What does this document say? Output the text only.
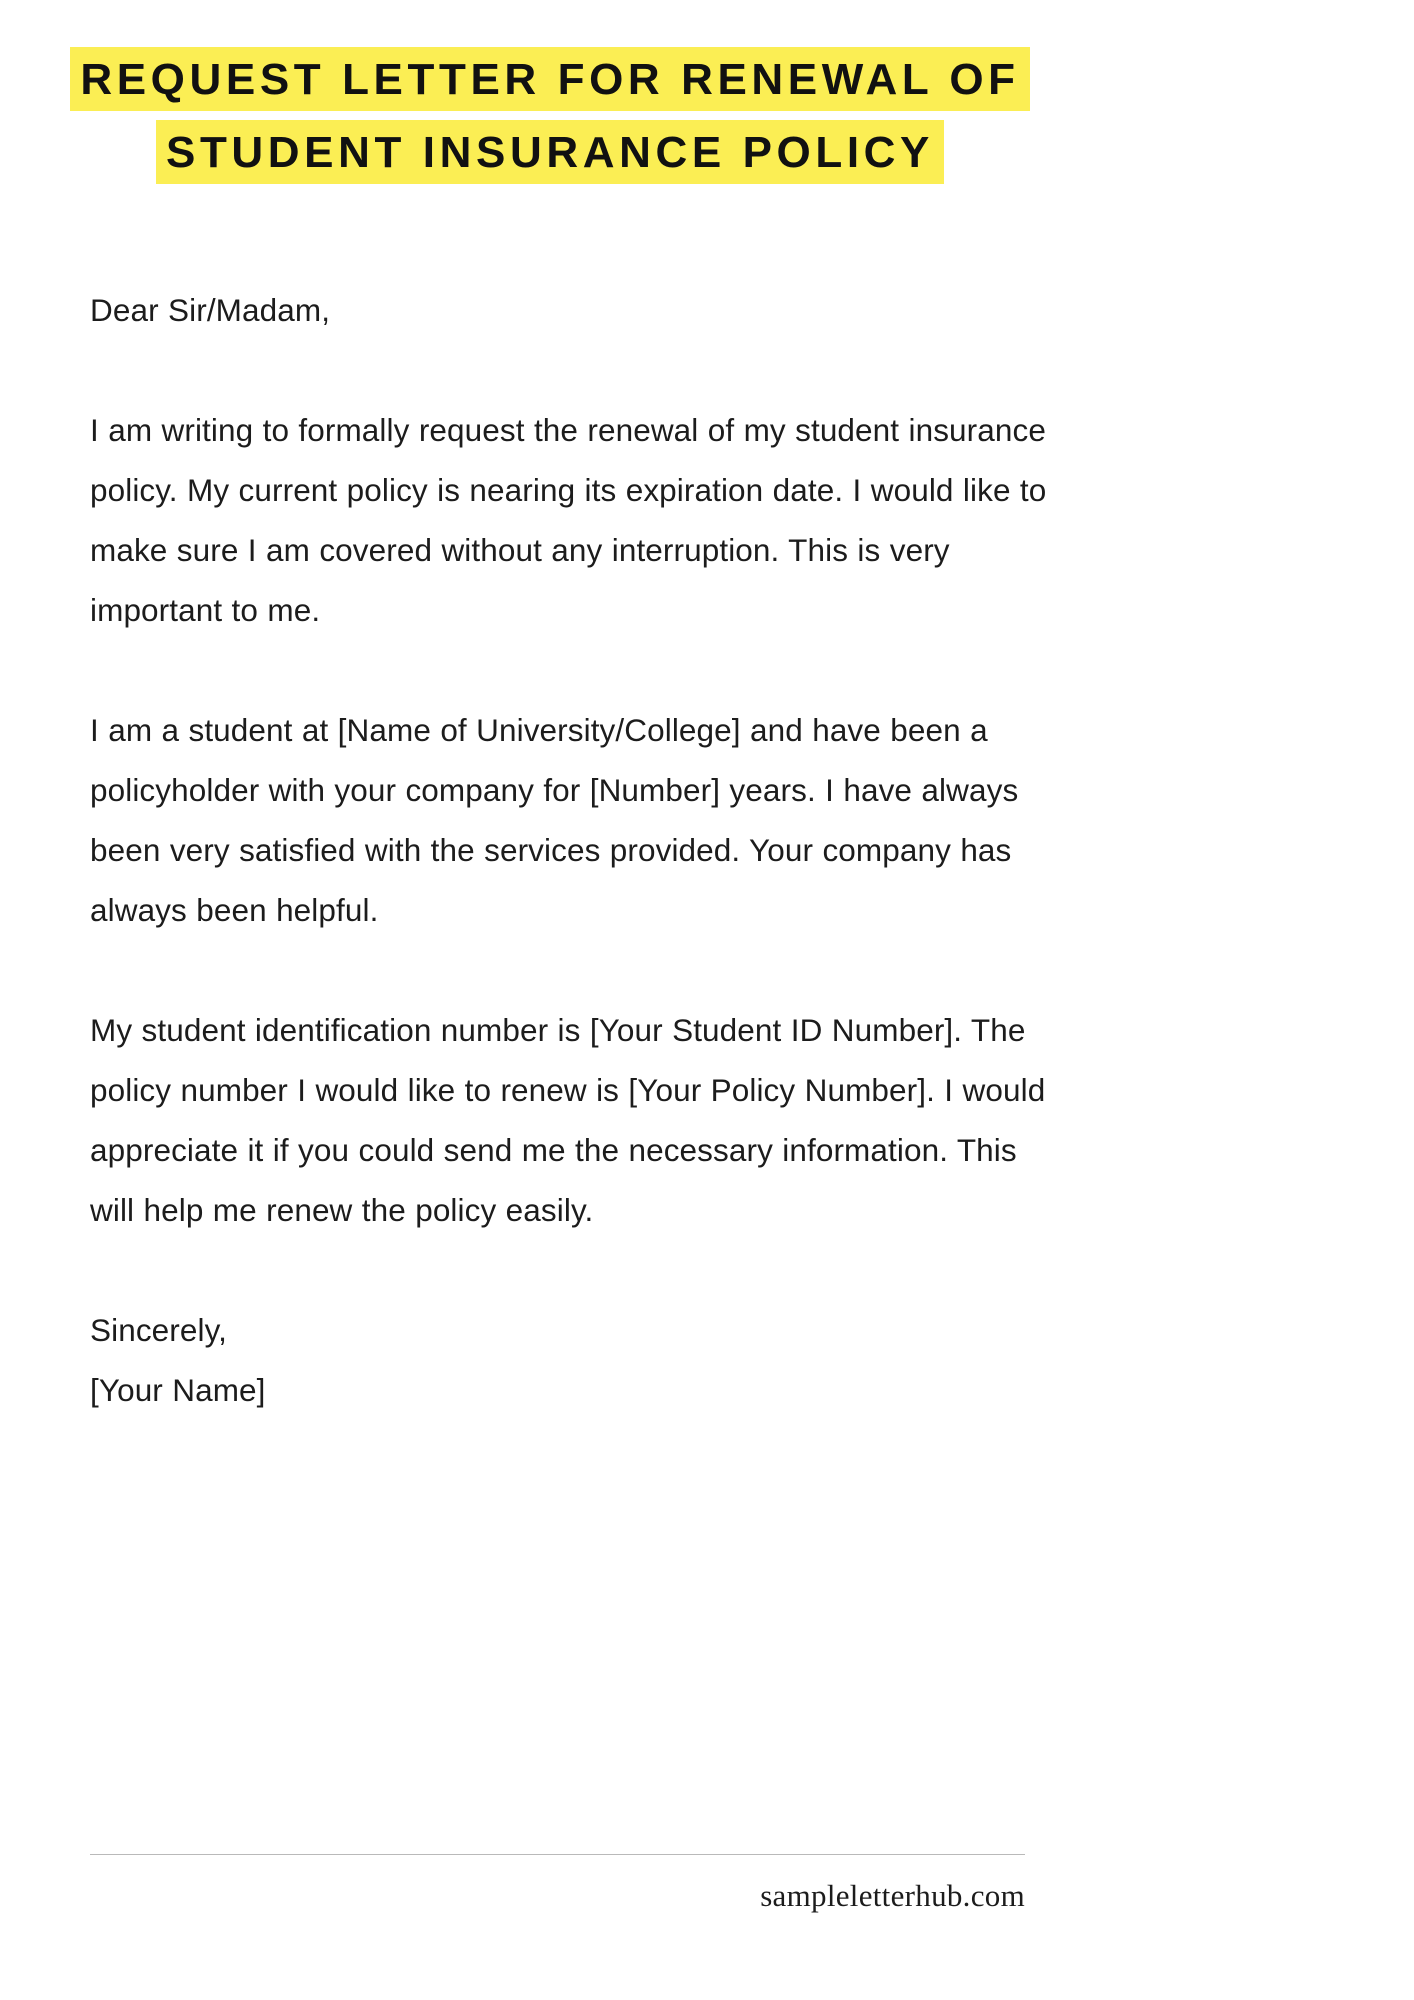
REQUEST LETTER FOR RENEWAL OF
STUDENT INSURANCE POLICY

Dear Sir/Madam,

I am writing to formally request the renewal of my student insurance policy. My current policy is nearing its expiration date. I would like to make sure I am covered without any interruption. This is very important to me.

I am a student at [Name of University/College] and have been a policyholder with your company for [Number] years. I have always been very satisfied with the services provided. Your company has always been helpful.

My student identification number is [Your Student ID Number]. The policy number I would like to renew is [Your Policy Number]. I would appreciate it if you could send me the necessary information. This will help me renew the policy easily.

Sincerely,

[Your Name]

sampleletterhub.com
